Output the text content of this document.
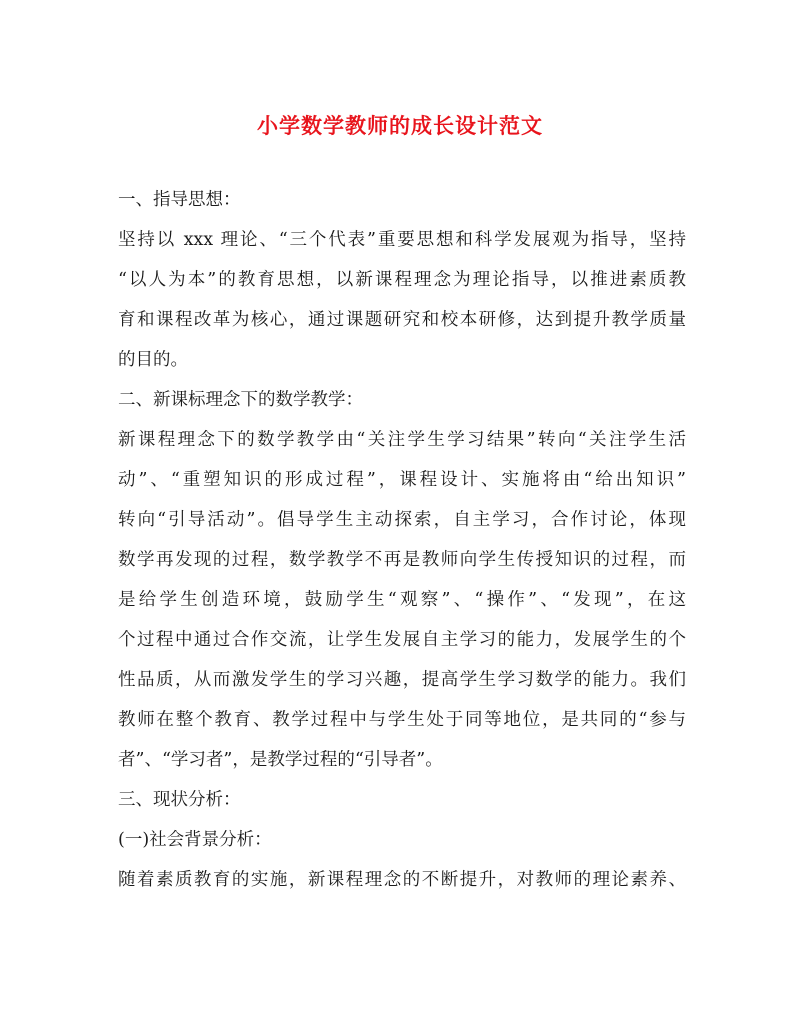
小学数学教师的成长设计范文
一、指导思想：
坚持以 xxx 理论、“三个代表”重要思想和科学发展观为指导，坚持
“以人为本”的教育思想，以新课程理念为理论指导，以推进素质教
育和课程改革为核心，通过课题研究和校本研修，达到提升教学质量
的目的。
二、新课标理念下的数学教学：
新课程理念下的数学教学由“关注学生学习结果”转向“关注学生活
动”、“重塑知识的形成过程”，课程设计、实施将由“给出知识”
转向“引导活动”。倡导学生主动探索，自主学习，合作讨论，体现
数学再发现的过程，数学教学不再是教师向学生传授知识的过程，而
是给学生创造环境，鼓励学生“观察”、“操作”、“发现”，在这
个过程中通过合作交流，让学生发展自主学习的能力，发展学生的个
性品质，从而激发学生的学习兴趣，提高学生学习数学的能力。我们
教师在整个教育、教学过程中与学生处于同等地位，是共同的“参与
者”、“学习者”，是教学过程的“引导者”。
三、现状分析：
(一)社会背景分析：
随着素质教育的实施，新课程理念的不断提升，对教师的理论素养、
